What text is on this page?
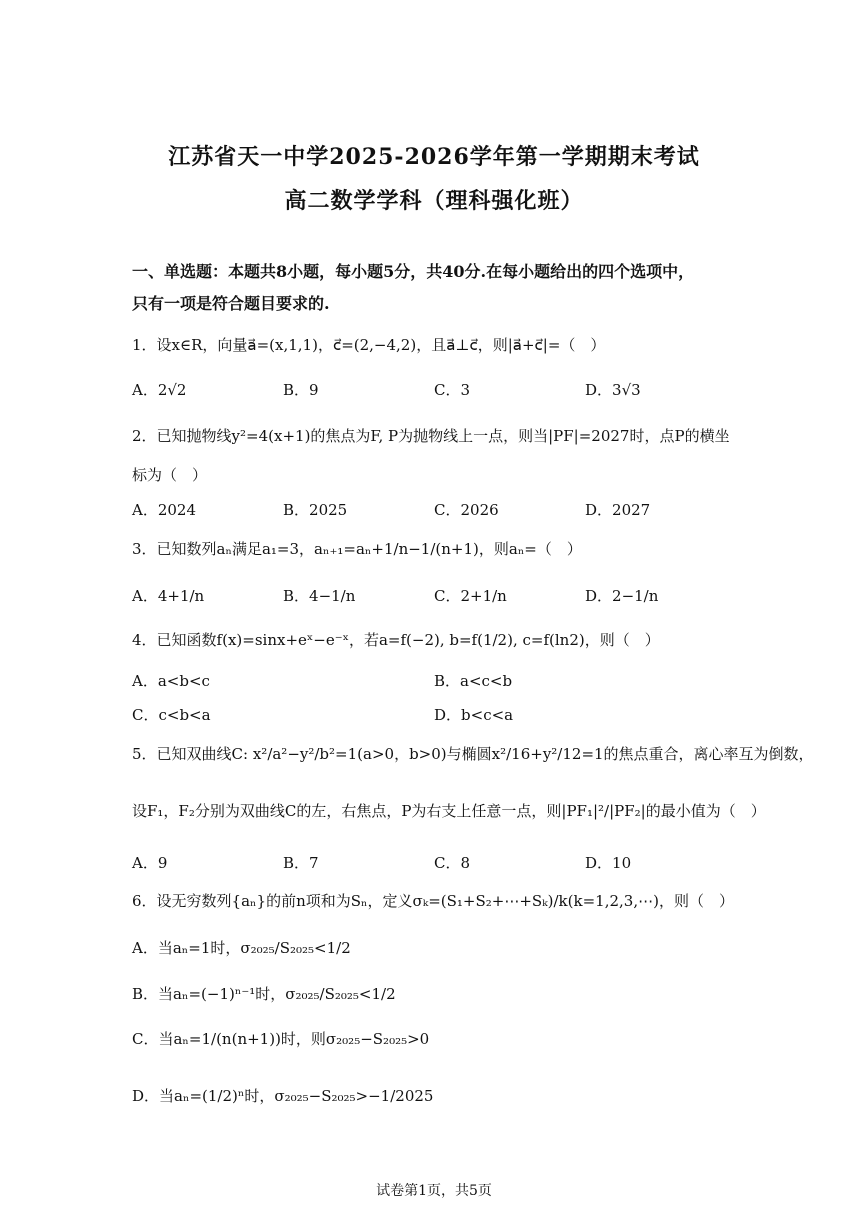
江苏省天一中学2025-2026学年第一学期期末考试
高二数学学科（理科强化班）
一、单选题：本题共8小题，每小题5分，共40分.在每小题给出的四个选项中，
只有一项是符合题目要求的.
1．设x∈R，向量a⃗=(x,1,1)，c⃗=(2,−4,2)，且a⃗⊥c⃗，则|a⃗+c⃗|=（　）
A．2√2	B．9	C．3	D．3√3
2．已知抛物线y²=4(x+1)的焦点为F, P为抛物线上一点，则当|PF|=2027时，点P的横坐
标为（　）
A．2024	B．2025	C．2026	D．2027
3．已知数列aₙ满足a₁=3，aₙ₊₁=aₙ+1/n−1/(n+1)，则aₙ=（　）
A．4+1/n	B．4−1/n	C．2+1/n	D．2−1/n
4．已知函数f(x)=sinx+eˣ−e⁻ˣ，若a=f(−2), b=f(1/2), c=f(ln2)，则（　）
A．a<b<c	B．a<c<b
C．c<b<a	D．b<c<a
5．已知双曲线C: x²/a²−y²/b²=1(a>0，b>0)与椭圆x²/16+y²/12=1的焦点重合，离心率互为倒数，
设F₁，F₂分别为双曲线C的左，右焦点，P为右支上任意一点，则|PF₁|²/|PF₂|的最小值为（　）
A．9	B．7	C．8	D．10
6．设无穷数列{aₙ}的前n项和为Sₙ，定义σₖ=(S₁+S₂+⋯+Sₖ)/k(k=1,2,3,⋯)，则（　）
A．当aₙ=1时，σ₂₀₂₅/S₂₀₂₅<1/2
B．当aₙ=(−1)ⁿ⁻¹时，σ₂₀₂₅/S₂₀₂₅<1/2
C．当aₙ=1/(n(n+1))时，则σ₂₀₂₅−S₂₀₂₅>0
D．当aₙ=(1/2)ⁿ时，σ₂₀₂₅−S₂₀₂₅>−1/2025
试卷第1页，共5页
